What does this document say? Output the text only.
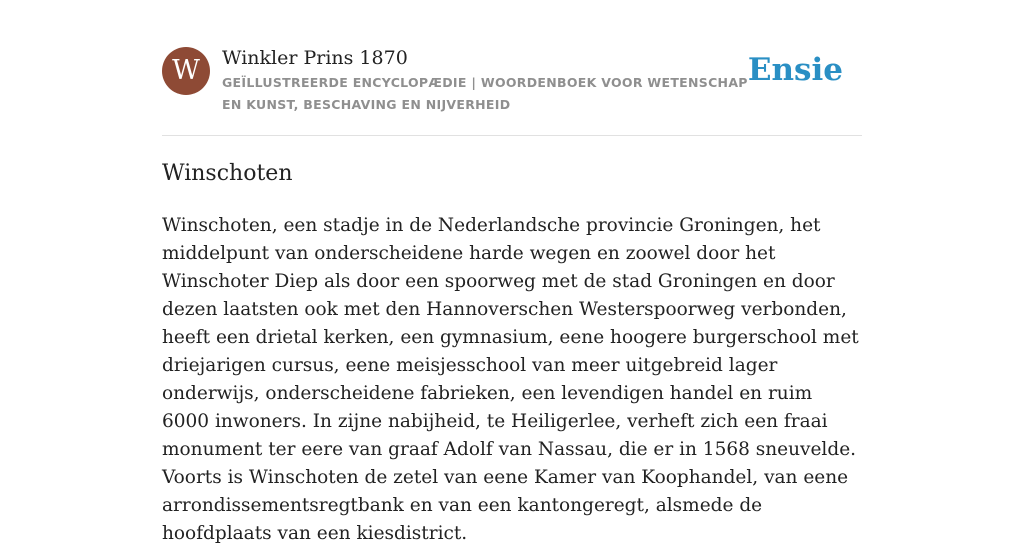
W	Winkler Prins 1870
GEÏLLUSTREERDE ENCYCLOPÆDIE | WOORDENBOEK VOOR WETENSCHAP EN KUNST, BESCHAVING EN NIJVERHEID
Ensie
Winschoten

Winschoten, een stadje in de Nederlandsche provincie Groningen, het middelpunt van onderscheidene harde wegen en zoowel door het Winschoter Diep als door een spoorweg met de stad Groningen en door dezen laatsten ook met den Hannoverschen Westerspoorweg verbonden, heeft een drietal kerken, een gymnasium, eene hoogere burgerschool met driejarigen cursus, eene meisjesschool van meer uitgebreid lager onderwijs, onderscheidene fabrieken, een levendigen handel en ruim 6000 inwoners. In zijne nabijheid, te Heiligerlee, verheft zich een fraai monument ter eere van graaf Adolf van Nassau, die er in 1568 sneuvelde. Voorts is Winschoten de zetel van eene Kamer van Koophandel, van eene arrondissementsregtbank en van een kantongeregt, alsmede de hoofdplaats van een kiesdistrict.
